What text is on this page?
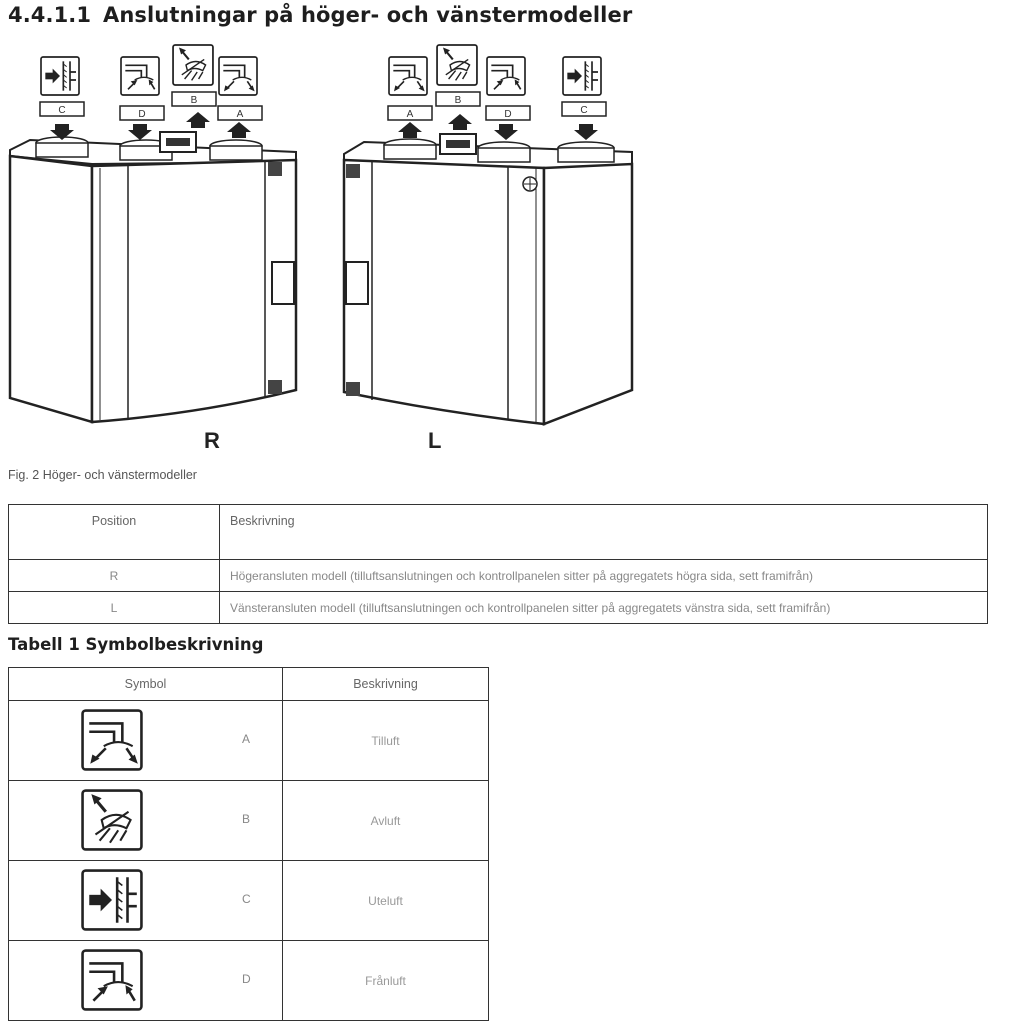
4.4.1.1 Anslutningar på höger- och vänstermodeller
C	D
B
A
R
A
B
D	C
L
Fig. 2 Höger- och vänstermodeller
Position	Beskrivning
R	Högeransluten modell (tilluftsanslutningen och kontrollpanelen sitter på aggregatets högra sida, sett framifrån)
L	Vänsteransluten modell (tilluftsanslutningen och kontrollpanelen sitter på aggregatets vänstra sida, sett framifrån)
Tabell 1 Symbolbeskrivning
Symbol	Beskrivning

A	Tilluft

B	Avluft

C	Uteluft

D	Frånluft
